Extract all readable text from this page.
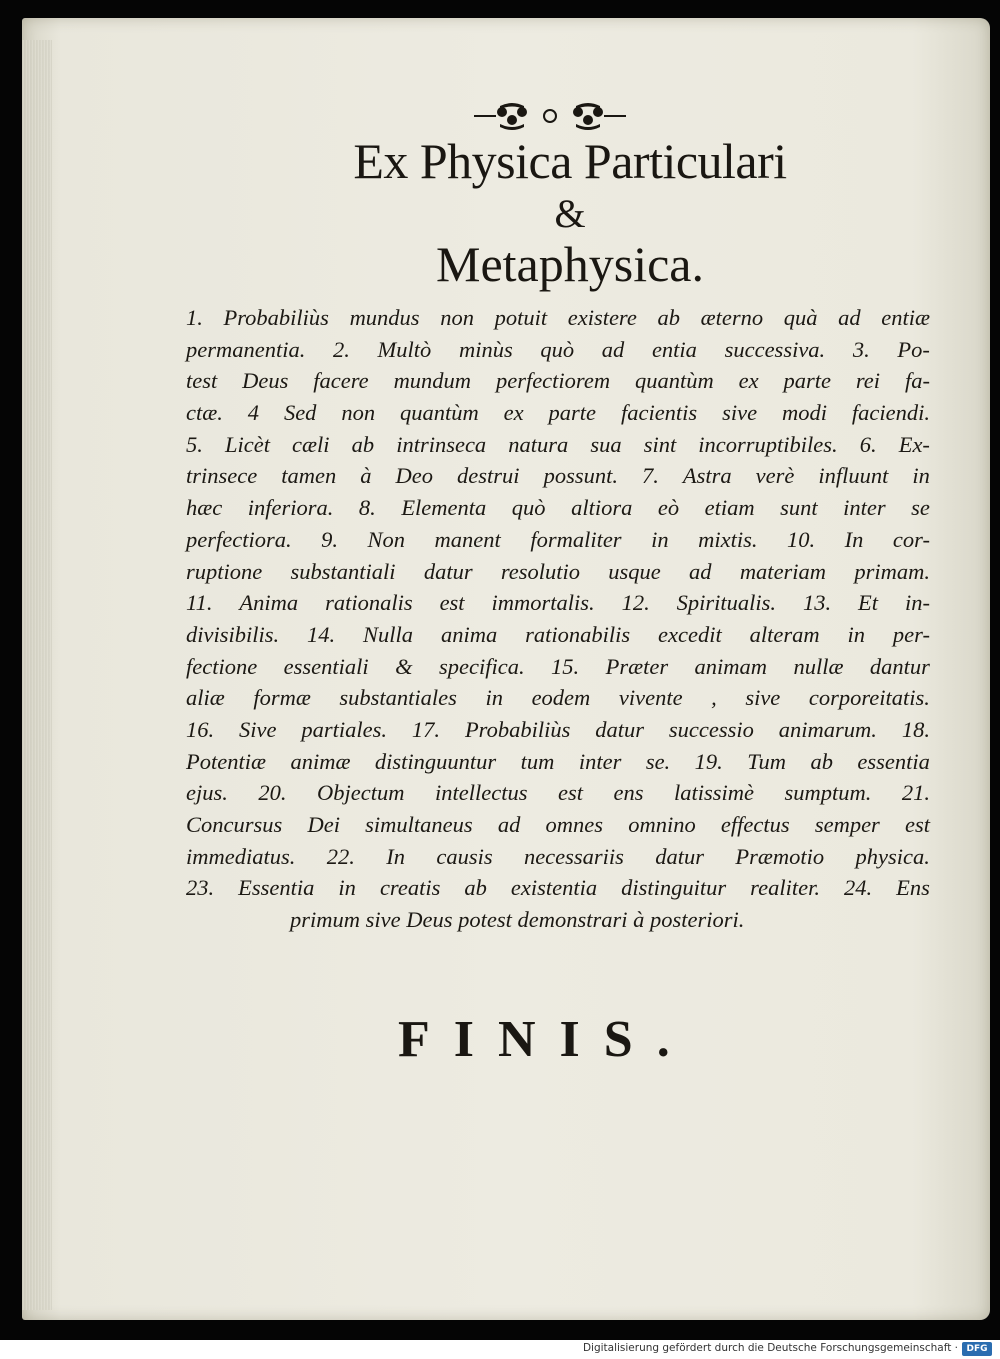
Ex Physica Particulari
&
Metaphysica.
1. Probabiliùs mundus non potuit existere ab æterno quà ad entiæ
permanentia. 2. Multò minùs quò ad entia successiva. 3. Po-
test Deus facere mundum perfectiorem quantùm ex parte rei fa-
ctæ. 4 Sed non quantùm ex parte facientis sive modi faciendi.
5. Licèt cæli ab intrinseca natura sua sint incorruptibiles. 6. Ex-
trinsece tamen à Deo destrui possunt. 7. Astra verè influunt in
hæc inferiora. 8. Elementa quò altiora eò etiam sunt inter se
perfectiora. 9. Non manent formaliter in mixtis. 10. In cor-
ruptione substantiali datur resolutio usque ad materiam primam.
11. Anima rationalis est immortalis. 12. Spiritualis. 13. Et in-
divisibilis. 14. Nulla anima rationabilis excedit alteram in per-
fectione essentiali & specifica. 15. Præter animam nullæ dantur
aliæ formæ substantiales in eodem vivente , sive corporeitatis.
16. Sive partiales. 17. Probabiliùs datur successio animarum. 18.
Potentiæ animæ distinguuntur tum inter se. 19. Tum ab essentia
ejus. 20. Objectum intellectus est ens latissimè sumptum. 21.
Concursus Dei simultaneus ad omnes omnino effectus semper est
immediatus. 22. In causis necessariis datur Præmotio physica.
23. Essentia in creatis ab existentia distinguitur realiter. 24. Ens
primum sive Deus potest demonstrari à posteriori.
FINIS.
Digitalisierung gefördert durch die Deutsche Forschungsgemeinschaft · DFG
